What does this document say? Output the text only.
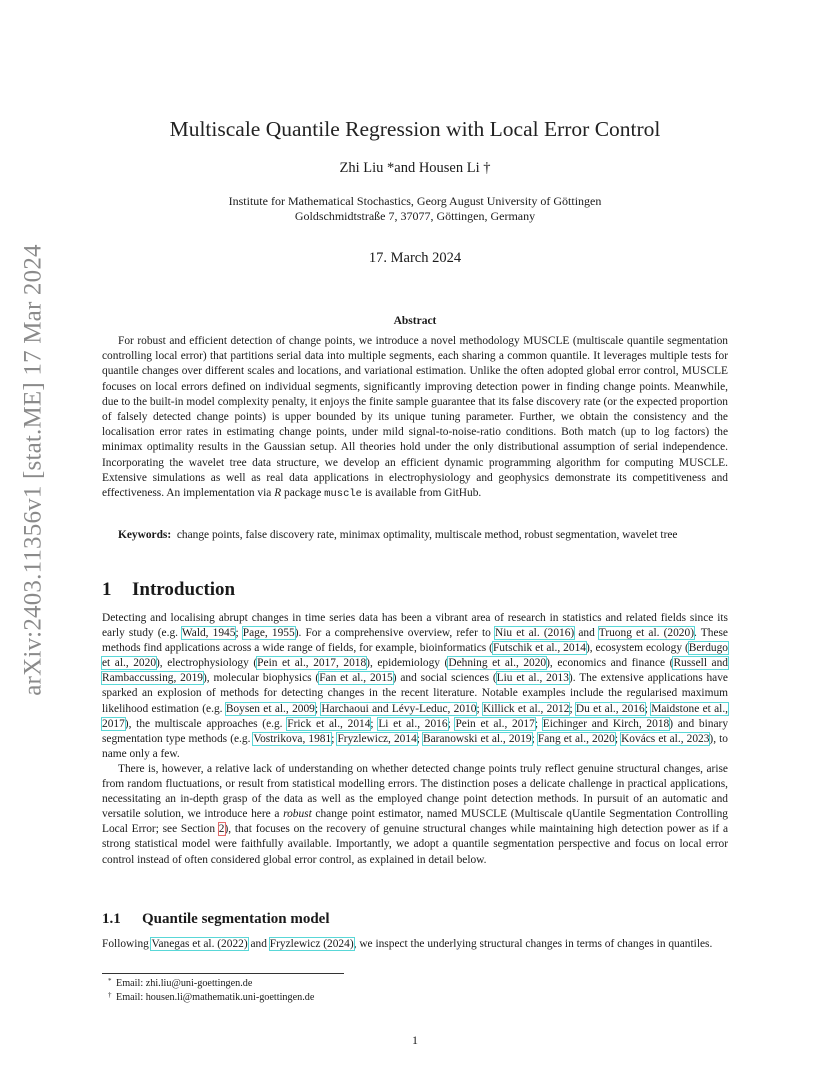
arXiv:2403.11356v1 [stat.ME] 17 Mar 2024
Multiscale Quantile Regression with Local Error Control
Zhi Liu *and Housen Li †
Institute for Mathematical Stochastics, Georg August University of Göttingen
Goldschmidtstraße 7, 37077, Göttingen, Germany
17. March 2024
Abstract

For robust and efficient detection of change points, we introduce a novel methodology MUSCLE (multiscale quantile segmentation controlling local error) that partitions serial data into multiple segments, each sharing a common quantile. It leverages multiple tests for quantile changes over different scales and locations, and variational estimation. Unlike the often adopted global error control, MUSCLE focuses on local errors defined on individual segments, significantly improving detection power in finding change points. Meanwhile, due to the built-in model complexity penalty, it enjoys the finite sample guarantee that its false discovery rate (or the expected proportion of falsely detected change points) is upper bounded by its unique tuning parameter. Further, we obtain the consistency and the localisation error rates in estimating change points, under mild signal-to-noise-ratio conditions. Both match (up to log factors) the minimax optimality results in the Gaussian setup. All theories hold under the only distributional assumption of serial independence. Incorporating the wavelet tree data structure, we develop an efficient dynamic programming algorithm for computing MUSCLE. Extensive simulations as well as real data applications in electrophysiology and geophysics demonstrate its competitiveness and effectiveness. An implementation via R package muscle is available from GitHub.

Keywords: change points, false discovery rate, minimax optimality, multiscale method, robust segmentation, wavelet tree

1 Introduction

Detecting and localising abrupt changes in time series data has been a vibrant area of research in statistics and related fields since its early study (e.g. Wald, 1945; Page, 1955). For a comprehensive overview, refer to Niu et al. (2016) and Truong et al. (2020). These methods find applications across a wide range of fields, for example, bioinformatics (Futschik et al., 2014), ecosystem ecology (Berdugo et al., 2020), electrophysiology (Pein et al., 2017, 2018), epidemiology (Dehning et al., 2020), economics and finance (Russell and Rambaccussing, 2019), molecular biophysics (Fan et al., 2015) and social sciences (Liu et al., 2013). The extensive applications have sparked an explosion of methods for detecting changes in the recent literature. Notable examples include the regularised maximum likelihood estimation (e.g. Boysen et al., 2009; Harchaoui and Lévy-Leduc, 2010; Killick et al., 2012; Du et al., 2016; Maidstone et al., 2017), the multiscale approaches (e.g. Frick et al., 2014; Li et al., 2016; Pein et al., 2017; Eichinger and Kirch, 2018) and binary segmentation type methods (e.g. Vostrikova, 1981; Fryzlewicz, 2014; Baranowski et al., 2019; Fang et al., 2020; Kovács et al., 2023), to name only a few.

There is, however, a relative lack of understanding on whether detected change points truly reflect genuine structural changes, arise from random fluctuations, or result from statistical modelling errors. The distinction poses a delicate challenge in practical applications, necessitating an in-depth grasp of the data as well as the employed change point detection methods. In pursuit of an automatic and versatile solution, we introduce here a robust change point estimator, named MUSCLE (Multiscale qUantile Segmentation Controlling Local Error; see Section 2), that focuses on the recovery of genuine structural changes while maintaining high detection power as if a strong statistical model were faithfully available. Importantly, we adopt a quantile segmentation perspective and focus on local error control instead of often considered global error control, as explained in detail below.

1.1 Quantile segmentation model

Following Vanegas et al. (2022) and Fryzlewicz (2024), we inspect the underlying structural changes in terms of changes in quantiles.

* Email: zhi.liu@uni-goettingen.de
† Email: housen.li@mathematik.uni-goettingen.de
1
